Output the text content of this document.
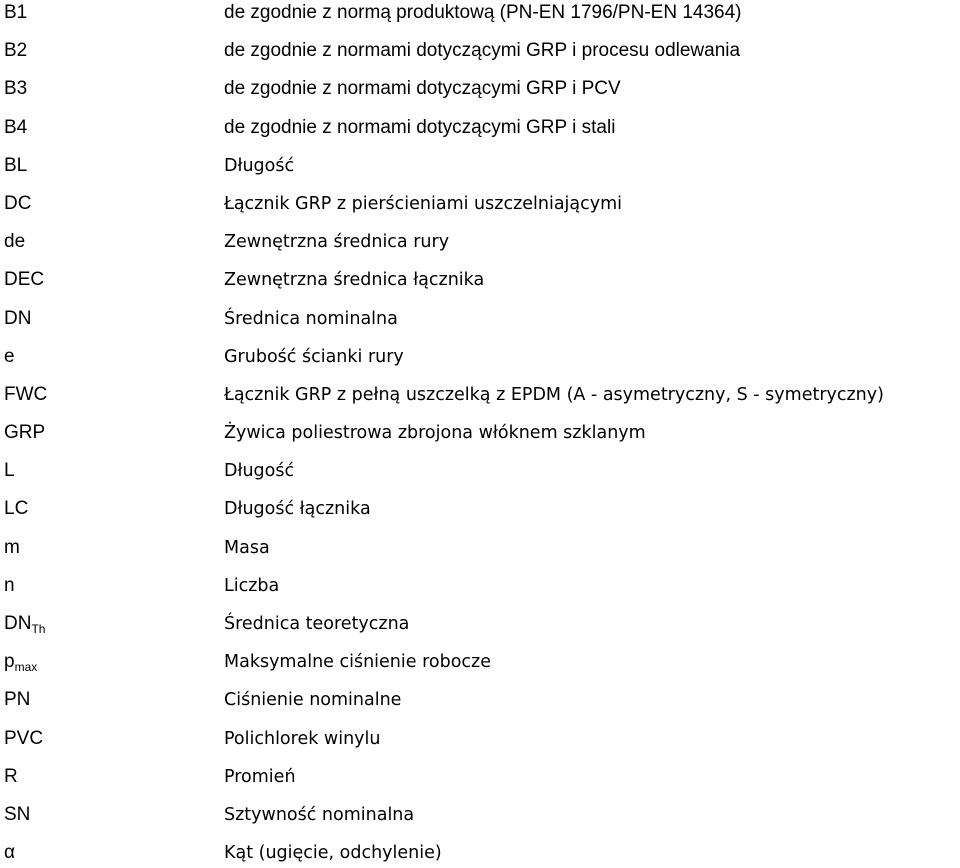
B1	de zgodnie z normą produktową (PN-EN 1796/PN-EN 14364)
B2	de zgodnie z normami dotyczącymi GRP i procesu odlewania
B3	de zgodnie z normami dotyczącymi GRP i PCV
B4	de zgodnie z normami dotyczącymi GRP i stali
BL	Długość
DC	Łącznik GRP z pierścieniami uszczelniającymi
de	Zewnętrzna średnica rury
DEC	Zewnętrzna średnica łącznika
DN	Średnica nominalna
e	Grubość ścianki rury
FWC	Łącznik GRP z pełną uszczelką z EPDM (A - asymetryczny, S - symetryczny)
GRP	Żywica poliestrowa zbrojona włóknem szklanym
L	Długość
LC	Długość łącznika
m	Masa
n	Liczba
$DN_{Th}$	Średnica teoretyczna
$p_{max}$	Maksymalne ciśnienie robocze
PN	Ciśnienie nominalne
PVC	Polichlorek winylu
R	Promień
SN	Sztywność nominalna
α	Kąt (ugięcie, odchylenie)
